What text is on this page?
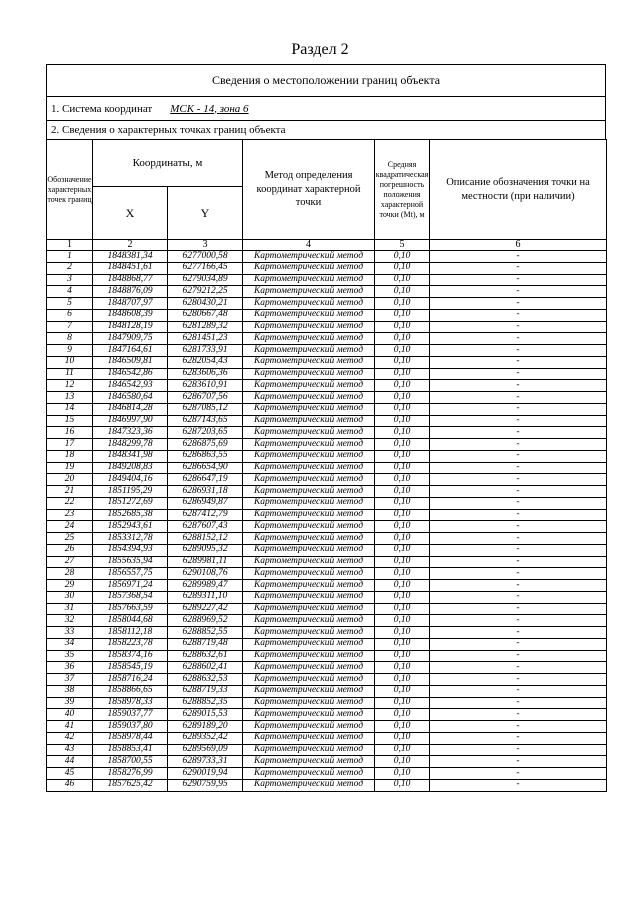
Раздел 2
Сведения о местоположении границ объекта
1. Система координат МСК - 14, зона 6
2. Сведения о характерных точках границ объекта
Обозначение характерных точек границ	Координаты, м		Метод определения координат характерной точки	Средняя квадратическая погрешность положения характерной точки (Мt), м	Описание обозначения точки на местности (при наличии)
	X	Y			
1	2	3	4	5	6
1	1848381,34	6277000,58	Картометрический метод	0,10	-
2	1848451,61	6277166,45	Картометрический метод	0,10	-
3	1848868,77	6279034,89	Картометрический метод	0,10	-
4	1848876,09	6279212,25	Картометрический метод	0,10	-
5	1848707,97	6280430,21	Картометрический метод	0,10	-
6	1848608,39	6280667,48	Картометрический метод	0,10	-
7	1848128,19	6281289,32	Картометрический метод	0,10	-
8	1847909,75	6281451,23	Картометрический метод	0,10	-
9	1847164,61	6281733,91	Картометрический метод	0,10	-
10	1846509,81	6282054,43	Картометрический метод	0,10	-
11	1846542,86	6283606,36	Картометрический метод	0,10	-
12	1846542,93	6283610,91	Картометрический метод	0,10	-
13	1846580,64	6286707,56	Картометрический метод	0,10	-
14	1846814,28	6287085,12	Картометрический метод	0,10	-
15	1846997,90	6287143,65	Картометрический метод	0,10	-
16	1847323,36	6287203,65	Картометрический метод	0,10	-
17	1848299,78	6286875,69	Картометрический метод	0,10	-
18	1848341,98	6286863,55	Картометрический метод	0,10	-
19	1849208,83	6286654,90	Картометрический метод	0,10	-
20	1849404,16	6286647,19	Картометрический метод	0,10	-
21	1851195,29	6286931,18	Картометрический метод	0,10	-
22	1851272,69	6286949,87	Картометрический метод	0,10	-
23	1852685,38	6287412,79	Картометрический метод	0,10	-
24	1852943,61	6287607,43	Картометрический метод	0,10	-
25	1853312,78	6288152,12	Картометрический метод	0,10	-
26	1854394,93	6289095,32	Картометрический метод	0,10	-
27	1855635,94	6289981,11	Картометрический метод	0,10	-
28	1856557,75	6290108,76	Картометрический метод	0,10	-
29	1856971,24	6289989,47	Картометрический метод	0,10	-
30	1857368,54	6289311,10	Картометрический метод	0,10	-
31	1857663,59	6289227,42	Картометрический метод	0,10	-
32	1858044,68	6288969,52	Картометрический метод	0,10	-
33	1858112,18	6288852,55	Картометрический метод	0,10	-
34	1858223,78	6288719,48	Картометрический метод	0,10	-
35	1858374,16	6288632,61	Картометрический метод	0,10	-
36	1858545,19	6288602,41	Картометрический метод	0,10	-
37	1858716,24	6288632,53	Картометрический метод	0,10	-
38	1858866,65	6288719,33	Картометрический метод	0,10	-
39	1858978,33	6288852,35	Картометрический метод	0,10	-
40	1859037,77	6289015,53	Картометрический метод	0,10	-
41	1859037,80	6289189,20	Картометрический метод	0,10	-
42	1858978,44	6289352,42	Картометрический метод	0,10	-
43	1858853,41	6289569,09	Картометрический метод	0,10	-
44	1858700,55	6289733,31	Картометрический метод	0,10	-
45	1858276,99	6290019,94	Картометрический метод	0,10	-
46	1857625,42	6290759,95	Картометрический метод	0,10	-
